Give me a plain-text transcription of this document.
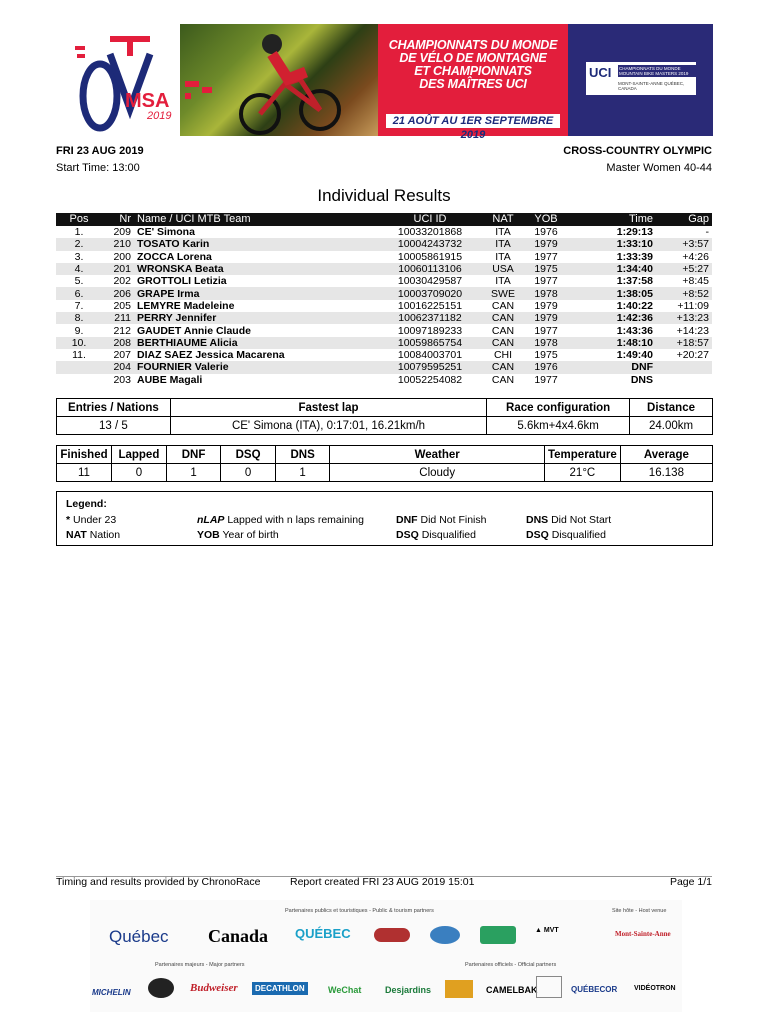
MSA
2019
CHAMPIONNATS DU MONDE
DE VÉLO DE MONTAGNE
ET CHAMPIONNATS
DES MAÎTRES UCI
21 AOÛT AU 1ER SEPTEMBRE 2019
UCI CHAMPIONNATS DU MONDE MOUNTAIN BIKE MASTERS 2019
MONT-SAINTE-ANNE QUÉBEC, CANADA
FRI 23 AUG 2019
Start Time: 13:00
CROSS-COUNTRY OLYMPIC
Master Women 40-44
Individual Results
Pos	Nr	Name / UCI MTB Team	UCI ID	NAT	YOB	Time	Gap
1.	209	CE' Simona	10033201868	ITA	1976	1:29:13	-
2.	210	TOSATO Karin	10004243732	ITA	1979	1:33:10	+3:57
3.	200	ZOCCA Lorena	10005861915	ITA	1977	1:33:39	+4:26
4.	201	WRONSKA Beata	10060113106	USA	1975	1:34:40	+5:27
5.	202	GROTTOLI Letizia	10030429587	ITA	1977	1:37:58	+8:45
6.	206	GRAPE Irma	10003709020	SWE	1978	1:38:05	+8:52
7.	205	LEMYRE Madeleine	10016225151	CAN	1979	1:40:22	+11:09
8.	211	PERRY Jennifer	10062371182	CAN	1979	1:42:36	+13:23
9.	212	GAUDET Annie Claude	10097189233	CAN	1977	1:43:36	+14:23
10.	208	BERTHIAUME Alicia	10059865754	CAN	1978	1:48:10	+18:57
11.	207	DIAZ SAEZ Jessica Macarena	10084003701	CHI	1975	1:49:40	+20:27
	204	FOURNIER Valerie	10079595251	CAN	1976	DNF	
	203	AUBE Magali	10052254082	CAN	1977	DNS	
Entries / Nations	Fastest lap	Race configuration	Distance
13 / 5	CE' Simona (ITA), 0:17:01, 16.21km/h	5.6km+4x4.6km	24.00km
Finished	Lapped	DNF	DSQ	DNS	Weather	Temperature	Average
11	0	1	0	1	Cloudy	21°C	16.138
Legend:
* Under 23	nLAP Lapped with n laps remaining	DNF Did Not Finish	DNS Did Not Start
NAT Nation	YOB Year of birth	DSQ Disqualified	DSQ Disqualified
Timing and results provided by ChronoRace	Report created FRI 23 AUG 2019 15:01	Page 1/1
Partenaires publics et touristiques - Public & tourism partners	Site hôte - Host venue
Québec Canada QUÉBEC	▲ MVT	Mont-Sainte-Anne
Partenaires majeurs - Major partners	Partenaires officiels - Official partners
MICHELIN	Budweiser	DECATHLON	WeChat	Desjardins	CAMELBAK	QUÉBECOR VIDÉOTRON
